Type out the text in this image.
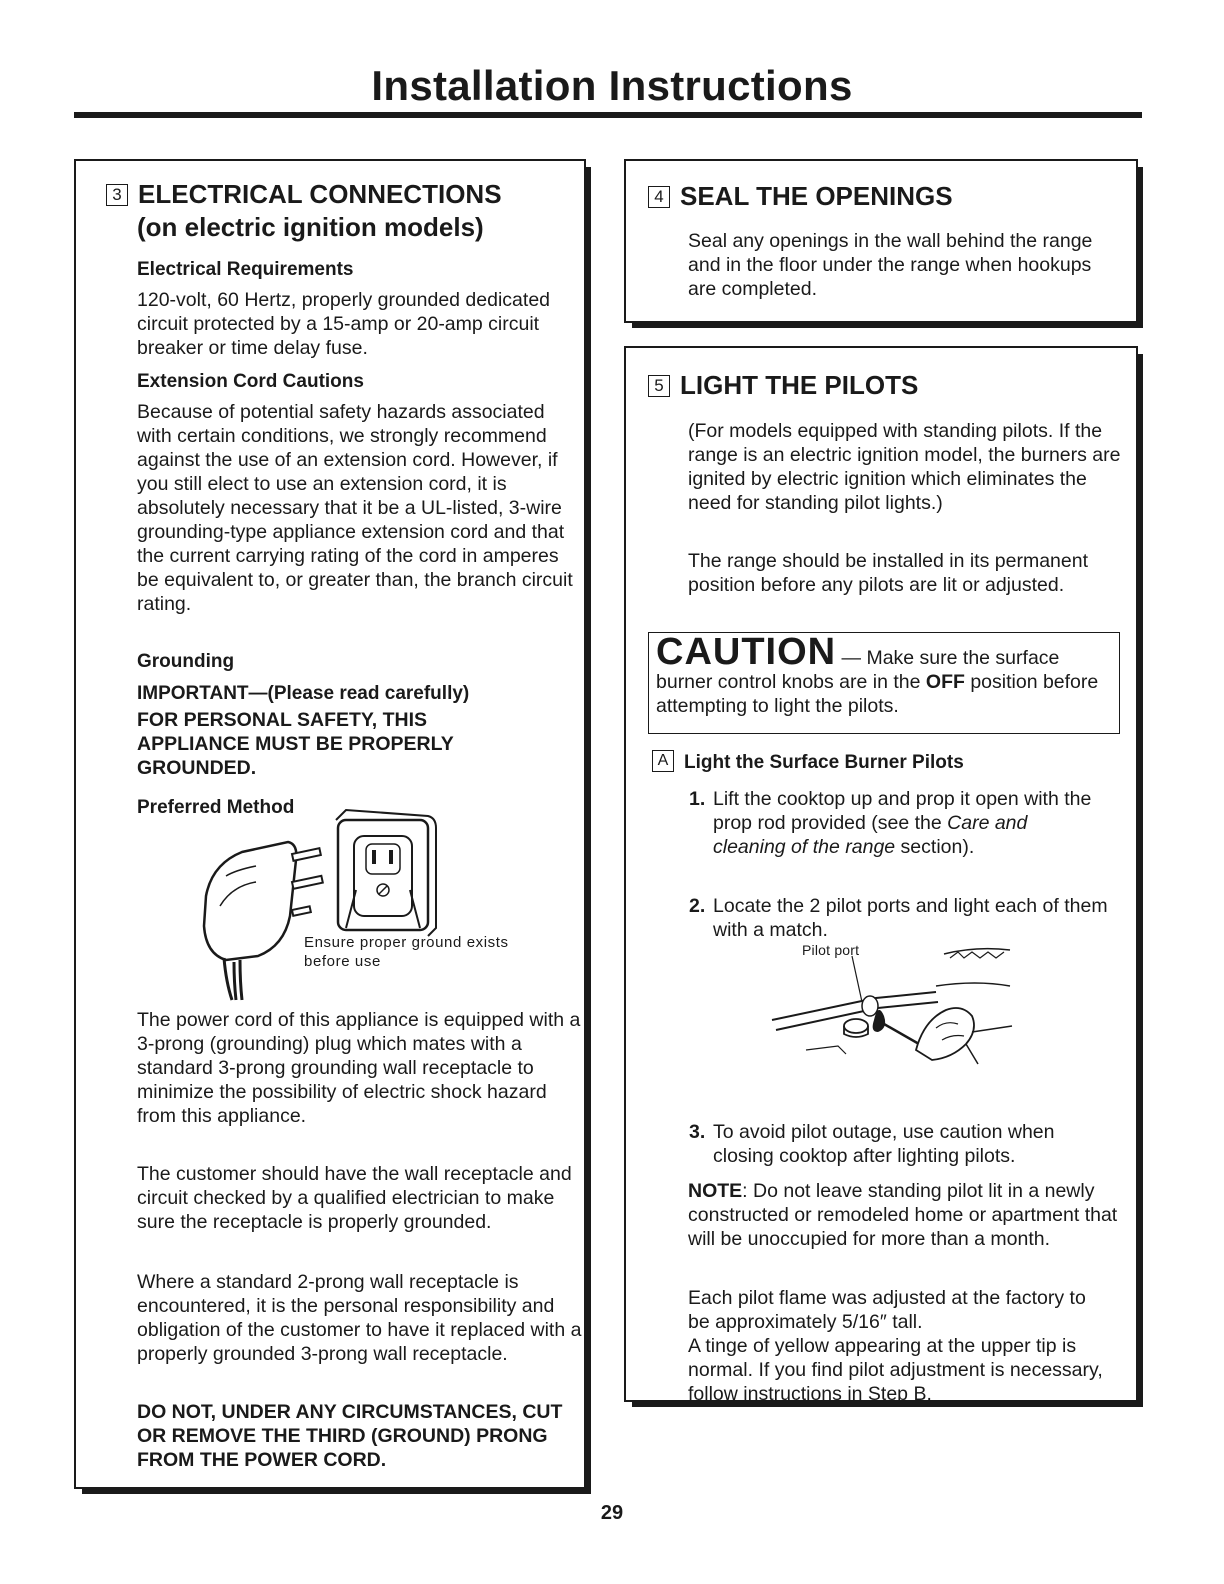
Installation Instructions
3 ELECTRICAL CONNECTIONS
(on electric ignition models)
Electrical Requirements
120-volt, 60 Hertz, properly grounded dedicated circuit protected by a 15-amp or 20-amp circuit breaker or time delay fuse.
Extension Cord Cautions
Because of potential safety hazards associated with certain conditions, we strongly recommend against the use of an extension cord. However, if you still elect to use an extension cord, it is absolutely necessary that it be a UL-listed, 3-wire grounding-type appliance extension cord and that the current carrying rating of the cord in amperes be equivalent to, or greater than, the branch circuit rating.
Grounding
IMPORTANT—(Please read carefully)
FOR PERSONAL SAFETY, THIS APPLIANCE MUST BE PROPERLY GROUNDED.
Preferred Method
Ensure proper ground exists before use
The power cord of this appliance is equipped with a 3-prong (grounding) plug which mates with a standard 3-prong grounding wall receptacle to minimize the possibility of electric shock hazard from this appliance.
The customer should have the wall receptacle and circuit checked by a qualified electrician to make sure the receptacle is properly grounded.
Where a standard 2-prong wall receptacle is encountered, it is the personal responsibility and obligation of the customer to have it replaced with a properly grounded 3-prong wall receptacle.
DO NOT, UNDER ANY CIRCUMSTANCES, CUT OR REMOVE THE THIRD (GROUND) PRONG FROM THE POWER CORD.
4 SEAL THE OPENINGS
Seal any openings in the wall behind the range and in the floor under the range when hookups are completed.
5 LIGHT THE PILOTS
(For models equipped with standing pilots. If the range is an electric ignition model, the burners are ignited by electric ignition which eliminates the need for standing pilot lights.)
The range should be installed in its permanent position before any pilots are lit or adjusted.
CAUTION — Make sure the surface burner control knobs are in the OFF position before attempting to light the pilots.
A Light the Surface Burner Pilots
1. Lift the cooktop up and prop it open with the prop rod provided (see the Care and cleaning of the range section).
2. Locate the 2 pilot ports and light each of them with a match.
Pilot port
3. To avoid pilot outage, use caution when closing cooktop after lighting pilots.
NOTE: Do not leave standing pilot lit in a newly constructed or remodeled home or apartment that will be unoccupied for more than a month.
Each pilot flame was adjusted at the factory to be approximately 5/16″ tall.
A tinge of yellow appearing at the upper tip is normal. If you find pilot adjustment is necessary, follow instructions in Step B.
29
